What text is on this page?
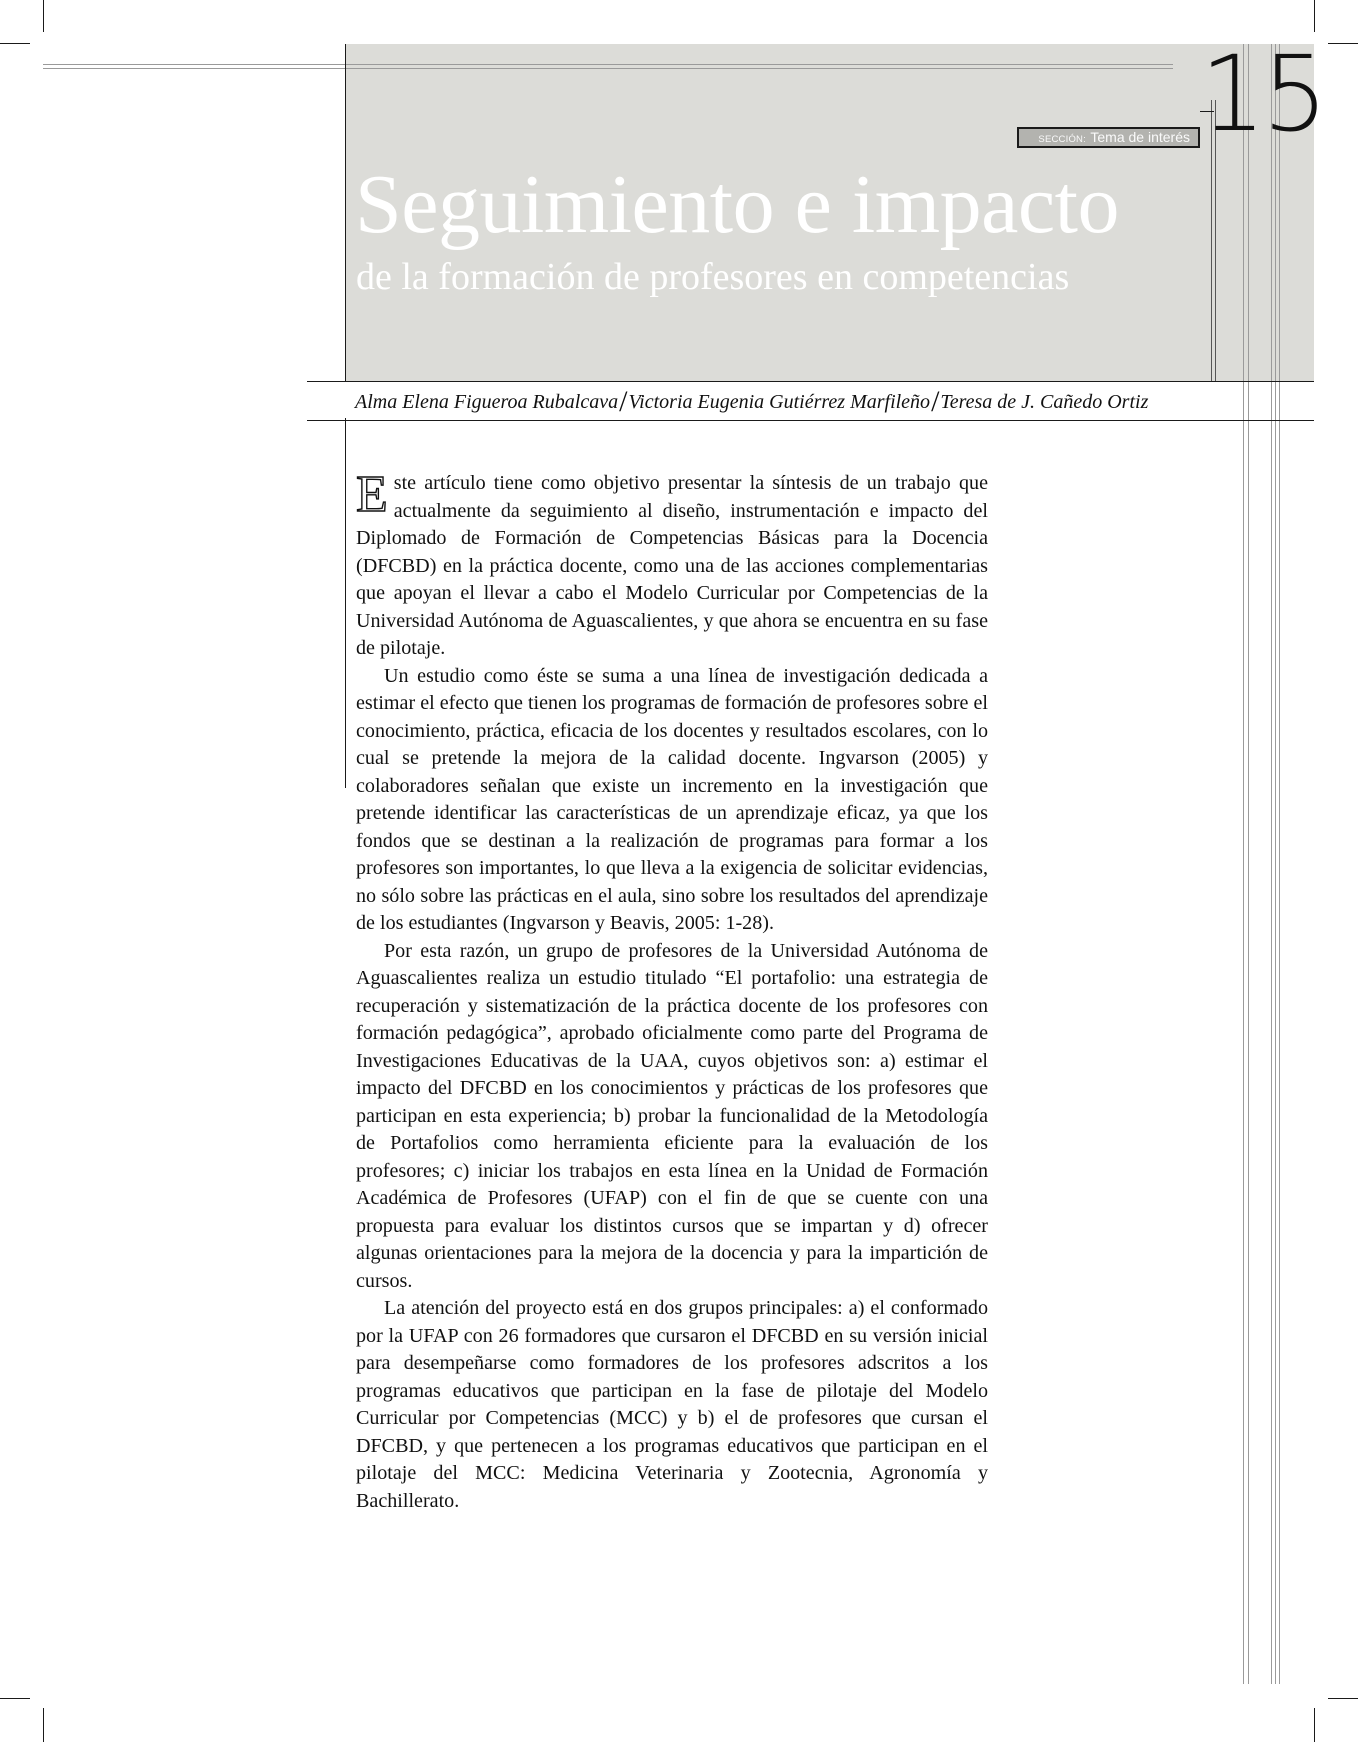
15
SECCIÓN: Tema de interés
Seguimiento e impacto
de la formación de profesores en competencias
Alma Elena Figueroa Rubalcava/Victoria Eugenia Gutiérrez Marfileño/Teresa de J. Cañedo Ortiz

Este artículo tiene como objetivo presentar la síntesis de un trabajo que actualmente da seguimiento al diseño, instrumentación e impacto del Diplomado de Formación de Competencias Básicas para la Docencia (DFCBD) en la práctica docente, como una de las acciones complementarias que apoyan el llevar a cabo el Modelo Curricular por Competencias de la Universidad Autónoma de Aguascalientes, y que ahora se encuentra en su fase de pilotaje.

Un estudio como éste se suma a una línea de investigación dedicada a estimar el efecto que tienen los programas de formación de profesores sobre el conocimiento, práctica, eficacia de los docentes y resultados escolares, con lo cual se pretende la mejora de la calidad docente. Ingvarson (2005) y colaboradores señalan que existe un incremento en la investigación que pretende identificar las características de un aprendizaje eficaz, ya que los fondos que se destinan a la realización de programas para formar a los profesores son importantes, lo que lleva a la exigencia de solicitar evidencias, no sólo sobre las prácticas en el aula, sino sobre los resultados del aprendizaje de los estudiantes (Ingvarson y Beavis, 2005: 1-28).

Por esta razón, un grupo de profesores de la Universidad Autónoma de Aguascalientes realiza un estudio titulado “El portafolio: una estrategia de recuperación y sistematización de la práctica docente de los profesores con formación pedagógica”, aprobado oficialmente como parte del Programa de Investigaciones Educativas de la UAA, cuyos objetivos son: a) estimar el impacto del DFCBD en los conocimientos y prácticas de los profesores que participan en esta experiencia; b) probar la funcionalidad de la Metodología de Portafolios como herramienta eficiente para la evaluación de los profesores; c) iniciar los trabajos en esta línea en la Unidad de Formación Académica de Profesores (UFAP) con el fin de que se cuente con una propuesta para evaluar los distintos cursos que se impartan y d) ofrecer algunas orientaciones para la mejora de la docencia y para la impartición de cursos.

La atención del proyecto está en dos grupos principales: a) el conformado por la UFAP con 26 formadores que cursaron el DFCBD en su versión inicial para desempeñarse como formadores de los profesores adscritos a los programas educativos que participan en la fase de pilotaje del Modelo Curricular por Competencias (MCC) y b) el de profesores que cursan el DFCBD, y que pertenecen a los programas educativos que participan en el pilotaje del MCC: Medicina Veterinaria y Zootecnia, Agronomía y Bachillerato.
